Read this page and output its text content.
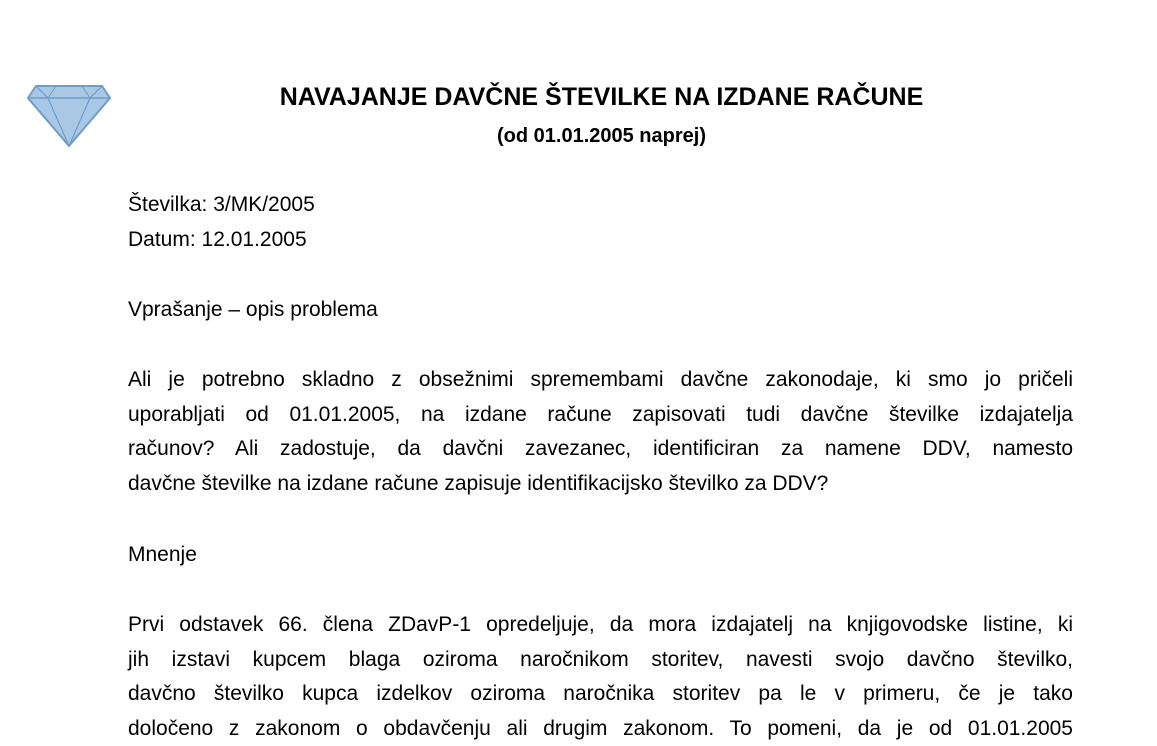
NAVAJANJE DAVČNE ŠTEVILKE NA IZDANE RAČUNE
(od 01.01.2005 naprej)
Številka: 3/MK/2005
Datum: 12.01.2005
Vprašanje – opis problema
Ali je potrebno skladno z obsežnimi spremembami davčne zakonodaje, ki smo jo pričeli
uporabljati od 01.01.2005, na izdane račune zapisovati tudi davčne številke izdajatelja
računov? Ali zadostuje, da davčni zavezanec, identificiran za namene DDV, namesto
davčne številke na izdane račune zapisuje identifikacijsko številko za DDV?
Mnenje
Prvi odstavek 66. člena ZDavP-1 opredeljuje, da mora izdajatelj na knjigovodske listine, ki
jih izstavi kupcem blaga oziroma naročnikom storitev, navesti svojo davčno številko,
davčno številko kupca izdelkov oziroma naročnika storitev pa le v primeru, če je tako
določeno z zakonom o obdavčenju ali drugim zakonom. To pomeni, da je od 01.01.2005
